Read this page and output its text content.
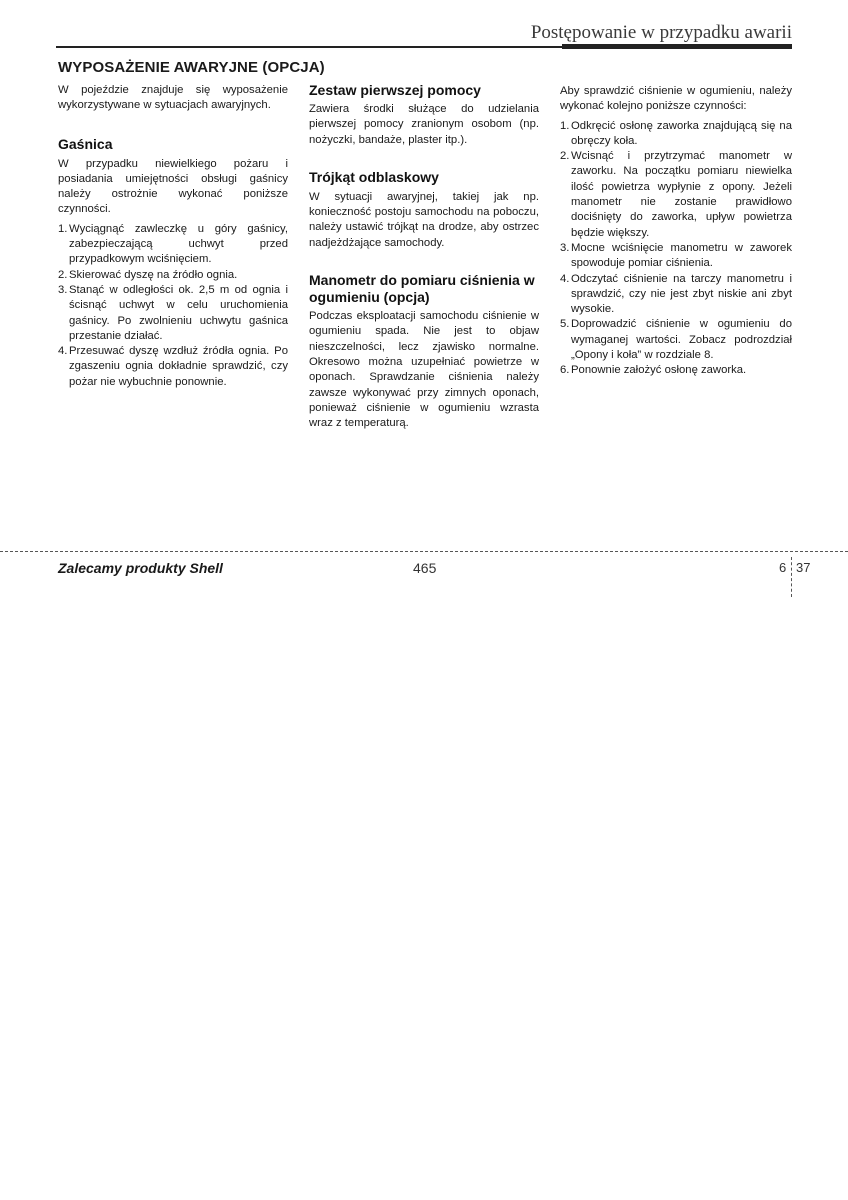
Postępowanie w przypadku awarii
WYPOSAŻENIE AWARYJNE (OPCJA)

W pojeździe znajduje się wyposażenie wykorzystywane w sytuacjach awaryjnych.

Gaśnica

W przypadku niewielkiego pożaru i posiadania umiejętności obsługi gaśnicy należy ostrożnie wykonać poniższe czynności.

1. Wyciągnąć zawleczkę u góry gaśnicy, zabezpieczającą uchwyt przed przypadkowym wciśnięciem.
2. Skierować dyszę na źródło ognia.
3. Stanąć w odległości ok. 2,5 m od ognia i ścisnąć uchwyt w celu uruchomienia gaśnicy. Po zwolnieniu uchwytu gaśnica przestanie działać.
4. Przesuwać dyszę wzdłuż źródła ognia. Po zgaszeniu ognia dokładnie sprawdzić, czy pożar nie wybuchnie ponownie.
Zestaw pierwszej pomocy

Zawiera środki służące do udzielania pierwszej pomocy zranionym osobom (np. nożyczki, bandaże, plaster itp.).

Trójkąt odblaskowy

W sytuacji awaryjnej, takiej jak np. konieczność postoju samochodu na poboczu, należy ustawić trójkąt na drodze, aby ostrzec nadjeżdżające samochody.

Manometr do pomiaru ciśnienia w ogumieniu (opcja)

Podczas eksploatacji samochodu ciśnienie w ogumieniu spada. Nie jest to objaw nieszczelności, lecz zjawisko normalne. Okresowo można uzupełniać powietrze w oponach. Sprawdzanie ciśnienia należy zawsze wykonywać przy zimnych oponach, ponieważ ciśnienie w ogumieniu wzrasta wraz z temperaturą.

Aby sprawdzić ciśnienie w ogumieniu, należy wykonać kolejno poniższe czynności:

1. Odkręcić osłonę zaworka znajdującą się na obręczy koła.
2. Wcisnąć i przytrzymać manometr w zaworku. Na początku pomiaru niewielka ilość powietrza wypłynie z opony. Jeżeli manometr nie zostanie prawidłowo dociśnięty do zaworka, upływ powietrza będzie większy.
3. Mocne wciśnięcie manometru w zaworek spowoduje pomiar ciśnienia.
4. Odczytać ciśnienie na tarczy manometru i sprawdzić, czy nie jest zbyt niskie ani zbyt wysokie.
5. Doprowadzić ciśnienie w ogumieniu do wymaganej wartości. Zobacz podrozdział „Opony i koła” w rozdziale 8.
6. Ponownie założyć osłonę zaworka.
Zalecamy produkty Shell	465	6 37
